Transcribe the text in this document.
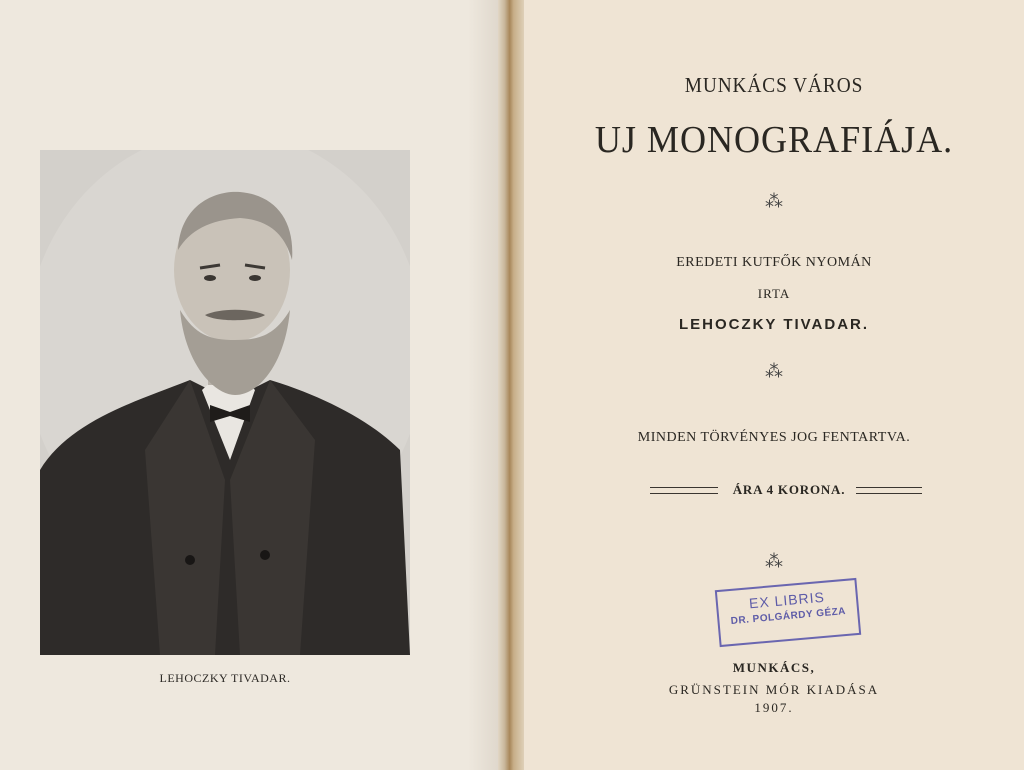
LEHOCZKY TIVADAR.
MUNKÁCS VÁROS
UJ MONOGRAFIÁJA.
⁂
EREDETI KUTFŐK NYOMÁN
IRTA
LEHOCZKY TIVADAR.
⁂
MINDEN TÖRVÉNYES JOG FENTARTVA.
ÁRA 4 KORONA.
⁂
EX LIBRIS
DR. POLGÁRDY GÉZA
MUNKÁCS,
GRÜNSTEIN MÓR KIADÁSA
1907.
